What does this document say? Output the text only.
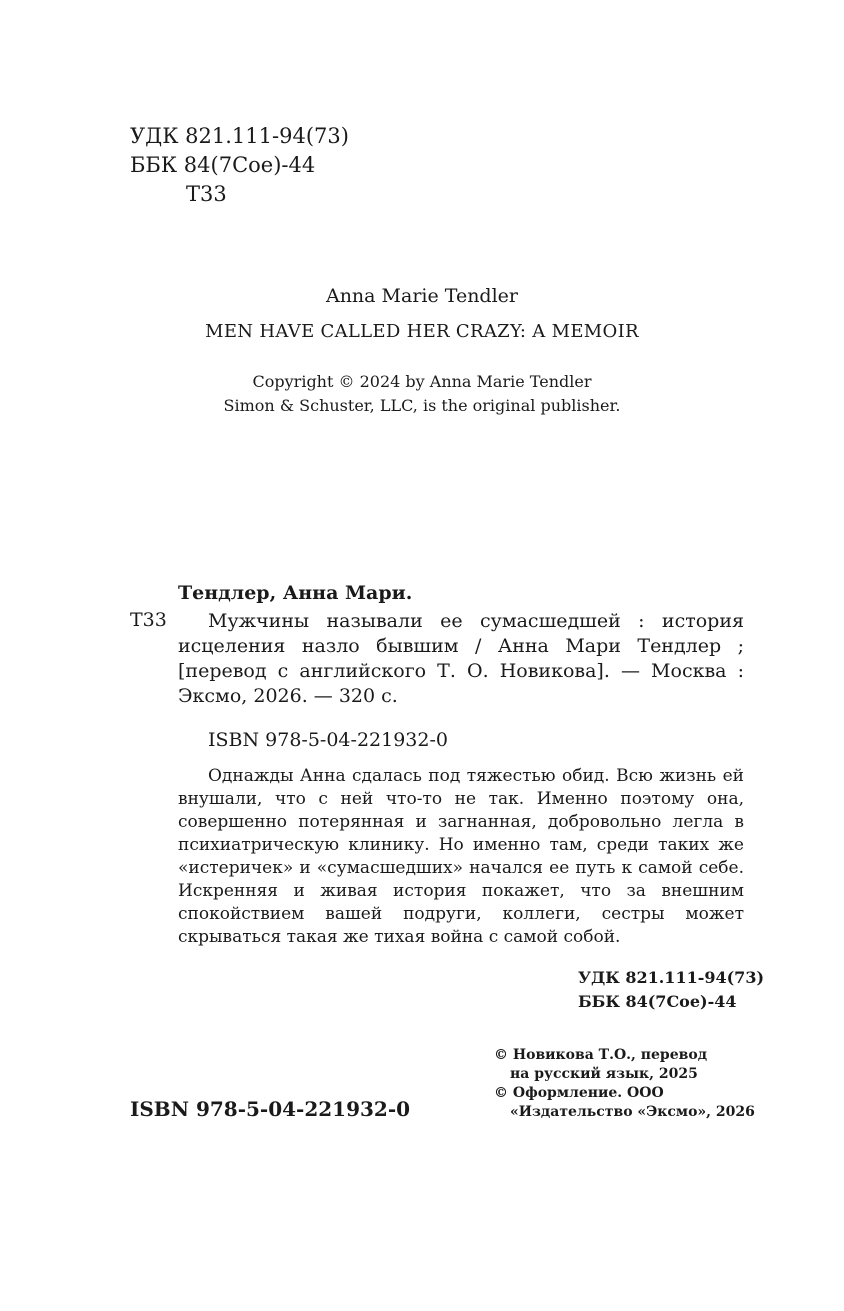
УДК 821.111-94(73)
ББК 84(7Сое)-44
Т33
Anna Marie Tendler
MEN HAVE CALLED HER CRAZY: A MEMOIR
Copyright © 2024 by Anna Marie Tendler
Simon & Schuster, LLC, is the original publisher.
Тендлер, Анна Мари.
Т33	Мужчины называли ее сумасшедшей : история исцеления назло бывшим / Анна Мари Тендлер ; [перевод с английского Т. О. Новикова]. — Москва : Эксмо, 2026. — 320 с.
ISBN 978-5-04-221932-0
Однажды Анна сдалась под тяжестью обид. Всю жизнь ей внушали, что с ней что-то не так. Именно поэтому она, совершенно потерянная и загнанная, добровольно легла в психиатрическую клинику. Но именно там, среди таких же «истеричек» и «сумасшедших» начался ее путь к самой себе. Искренняя и живая история покажет, что за внешним спокойствием вашей подруги, коллеги, сестры может скрываться такая же тихая война с самой собой.
УДК 821.111-94(73)
ББК 84(7Сое)-44
© Новикова Т.О., перевод
на русский язык, 2025
© Оформление. ООО
«Издательство «Эксмо», 2026
ISBN 978-5-04-221932-0
